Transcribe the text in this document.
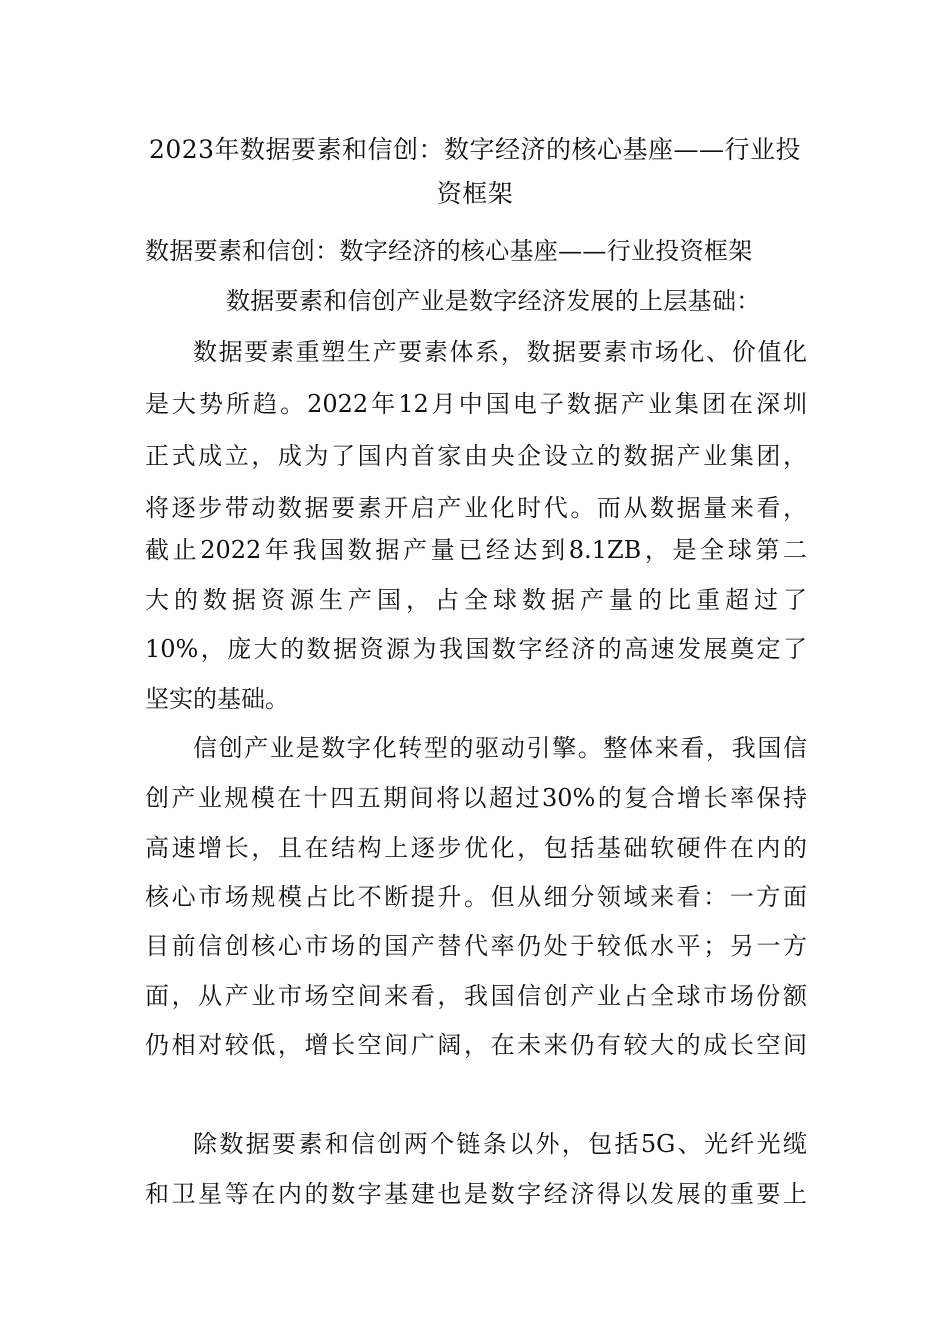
2023年数据要素和信创：数字经济的核心基座——行业投资框架
数据要素和信创：数字经济的核心基座——行业投资框架
数据要素和信创产业是数字经济发展的上层基础：
数据要素重塑生产要素体系，数据要素市场化、价值化
是大势所趋。2022年12月中国电子数据产业集团在深圳
正式成立，成为了国内首家由央企设立的数据产业集团，
将逐步带动数据要素开启产业化时代。而从数据量来看，
截止2022年我国数据产量已经达到8.1ZB，是全球第二
大的数据资源生产国，占全球数据产量的比重超过了
10%，庞大的数据资源为我国数字经济的高速发展奠定了
坚实的基础。
信创产业是数字化转型的驱动引擎。整体来看，我国信
创产业规模在十四五期间将以超过30%的复合增长率保持
高速增长，且在结构上逐步优化，包括基础软硬件在内的
核心市场规模占比不断提升。但从细分领域来看：一方面
目前信创核心市场的国产替代率仍处于较低水平；另一方
面，从产业市场空间来看，我国信创产业占全球市场份额
仍相对较低，增长空间广阔，在未来仍有较大的成长空间
除数据要素和信创两个链条以外，包括5G、光纤光缆
和卫星等在内的数字基建也是数字经济得以发展的重要上
